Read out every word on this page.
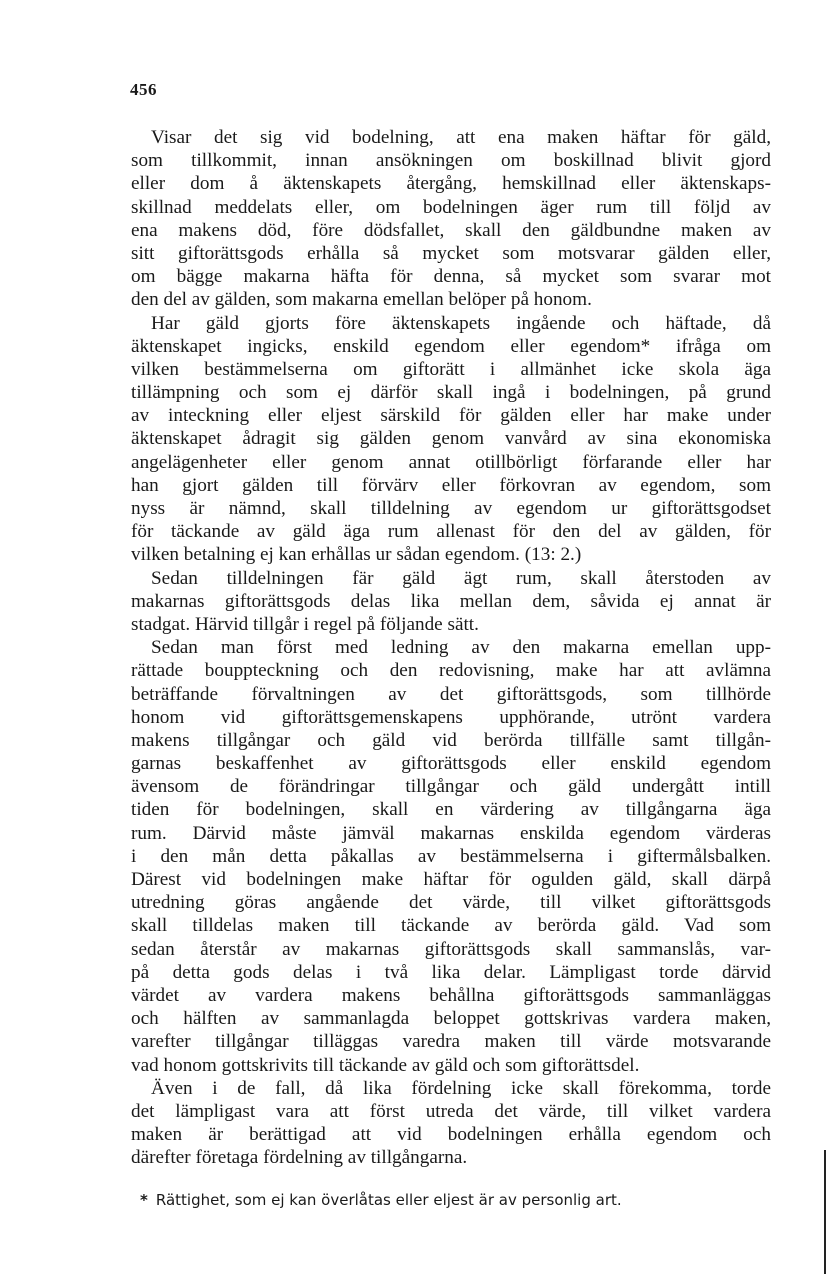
456
Visar det sig vid bodelning, att ena maken häftar för gäld,
som tillkommit, innan ansökningen om boskillnad blivit gjord
eller dom å äktenskapets återgång, hemskillnad eller äktenskaps-
skillnad meddelats eller, om bodelningen äger rum till följd av
ena makens död, före dödsfallet, skall den gäldbundne maken av
sitt giftorättsgods erhålla så mycket som motsvarar gälden eller,
om bägge makarna häfta för denna, så mycket som svarar mot
den del av gälden, som makarna emellan belöper på honom.
Har gäld gjorts före äktenskapets ingående och häftade, då
äktenskapet ingicks, enskild egendom eller egendom* ifråga om
vilken bestämmelserna om giftorätt i allmänhet icke skola äga
tillämpning och som ej därför skall ingå i bodelningen, på grund
av inteckning eller eljest särskild för gälden eller har make under
äktenskapet ådragit sig gälden genom vanvård av sina ekonomiska
angelägenheter eller genom annat otillbörligt förfarande eller har
han gjort gälden till förvärv eller förkovran av egendom, som
nyss är nämnd, skall tilldelning av egendom ur giftorättsgodset
för täckande av gäld äga rum allenast för den del av gälden, för
vilken betalning ej kan erhållas ur sådan egendom. (13: 2.)
Sedan tilldelningen fär gäld ägt rum, skall återstoden av
makarnas giftorättsgods delas lika mellan dem, såvida ej annat är
stadgat. Härvid tillgår i regel på följande sätt.
Sedan man först med ledning av den makarna emellan upp-
rättade bouppteckning och den redovisning, make har att avlämna
beträffande förvaltningen av det giftorättsgods, som tillhörde
honom vid giftorättsgemenskapens upphörande, utrönt vardera
makens tillgångar och gäld vid berörda tillfälle samt tillgån-
garnas beskaffenhet av giftorättsgods eller enskild egendom
ävensom de förändringar tillgångar och gäld undergått intill
tiden för bodelningen, skall en värdering av tillgångarna äga
rum. Därvid måste jämväl makarnas enskilda egendom värderas
i den mån detta påkallas av bestämmelserna i giftermålsbalken.
Därest vid bodelningen make häftar för ogulden gäld, skall därpå
utredning göras angående det värde, till vilket giftorättsgods
skall tilldelas maken till täckande av berörda gäld. Vad som
sedan återstår av makarnas giftorättsgods skall sammanslås, var-
på detta gods delas i två lika delar. Lämpligast torde därvid
värdet av vardera makens behållna giftorättsgods sammanläggas
och hälften av sammanlagda beloppet gottskrivas vardera maken,
varefter tillgångar tilläggas varedra maken till värde motsvarande
vad honom gottskrivits till täckande av gäld och som giftorättsdel.
Även i de fall, då lika fördelning icke skall förekomma, torde
det lämpligast vara att först utreda det värde, till vilket vardera
maken är berättigad att vid bodelningen erhålla egendom och
därefter företaga fördelning av tillgångarna.
* Rättighet, som ej kan överlåtas eller eljest är av personlig art.
